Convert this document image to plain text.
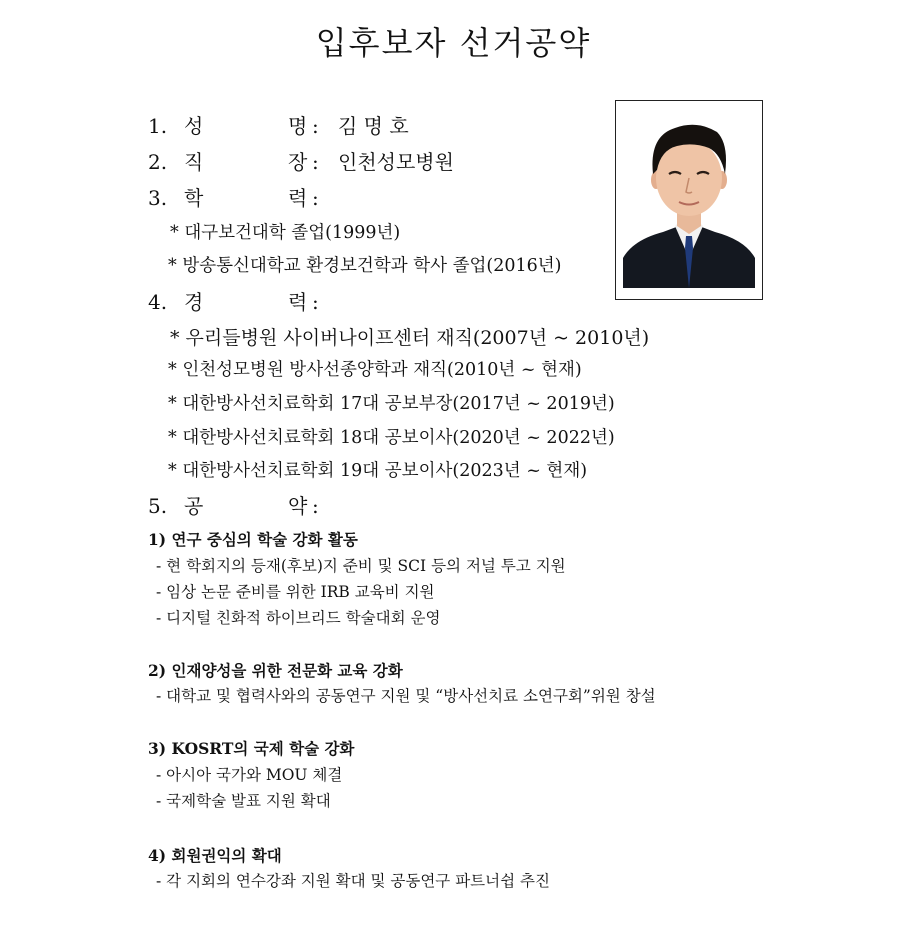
입후보자 선거공약
1. 성	명 : 김 명 호
2. 직	장 : 인천성모병원
3. 학	력 :
* 대구보건대학 졸업(1999년)
* 방송통신대학교 환경보건학과 학사 졸업(2016년)
4. 경	력 :
* 우리들병원 사이버나이프센터 재직(2007년 ~ 2010년)
* 인천성모병원 방사선종양학과 재직(2010년 ~ 현재)
* 대한방사선치료학회 17대 공보부장(2017년 ~ 2019년)
* 대한방사선치료학회 18대 공보이사(2020년 ~ 2022년)
* 대한방사선치료학회 19대 공보이사(2023년 ~ 현재)
5. 공	약 :
1) 연구 중심의 학술 강화 활동
- 현 학회지의 등재(후보)지 준비 및 SCI 등의 저널 투고 지원
- 임상 논문 준비를 위한 IRB 교육비 지원
- 디지털 친화적 하이브리드 학술대회 운영
2) 인재양성을 위한 전문화 교육 강화
- 대학교 및 협력사와의 공동연구 지원 및 “방사선치료 소연구회”위원 창설
3) KOSRT의 국제 학술 강화
- 아시아 국가와 MOU 체결
- 국제학술 발표 지원 확대
4) 회원권익의 확대
- 각 지회의 연수강좌 지원 확대 및 공동연구 파트너쉽 추진
